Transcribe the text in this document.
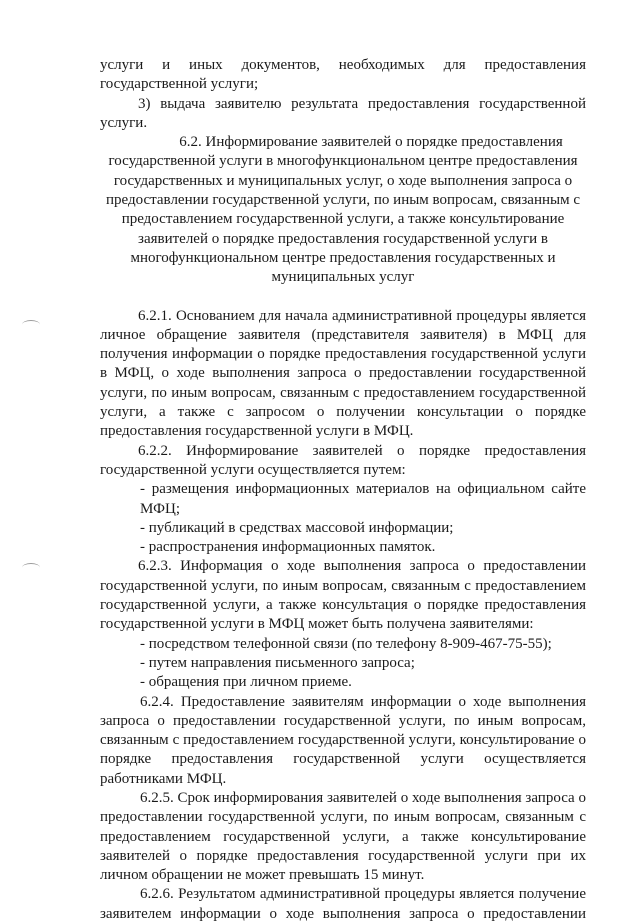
услуги и иных документов, необходимых для предоставления государственной услуги;

3) выдача заявителю результата предоставления государственной услуги.

6.2. Информирование заявителей о порядке предоставления государственной услуги в многофункциональном центре предоставления государственных и муниципальных услуг, о ходе выполнения запроса о предоставлении государственной услуги, по иным вопросам, связанным с предоставлением государственной услуги, а также консультирование заявителей о порядке предоставления государственной услуги в многофункциональном центре предоставления государственных и муниципальных услуг

6.2.1. Основанием для начала административной процедуры является личное обращение заявителя (представителя заявителя) в МФЦ для получения информации о порядке предоставления государственной услуги в МФЦ, о ходе выполнения запроса о предоставлении государственной услуги, по иным вопросам, связанным с предоставлением государственной услуги, а также с запросом о получении консультации о порядке предоставления государственной услуги в МФЦ.

6.2.2. Информирование заявителей о порядке предоставления государственной услуги осуществляется путем:

- размещения информационных материалов на официальном сайте МФЦ;

- публикаций в средствах массовой информации;

- распространения информационных памяток.

6.2.3. Информация о ходе выполнения запроса о предоставлении государственной услуги, по иным вопросам, связанным с предоставлением государственной услуги, а также консультация о порядке предоставления государственной услуги в МФЦ может быть получена заявителями:

- посредством телефонной связи (по телефону 8-909-467-75-55);

- путем направления письменного запроса;

- обращения при личном приеме.

6.2.4. Предоставление заявителям информации о ходе выполнения запроса о предоставлении государственной услуги, по иным вопросам, связанным с предоставлением государственной услуги, консультирование о порядке предоставления государственной услуги осуществляется работниками МФЦ.

6.2.5. Срок информирования заявителей о ходе выполнения запроса о предоставлении государственной услуги, по иным вопросам, связанным с предоставлением государственной услуги, а также консультирование заявителей о порядке предоставления государственной услуги при их личном обращении не может превышать 15 минут.

6.2.6. Результатом административной процедуры является получение заявителем информации о ходе выполнения запроса о предоставлении
